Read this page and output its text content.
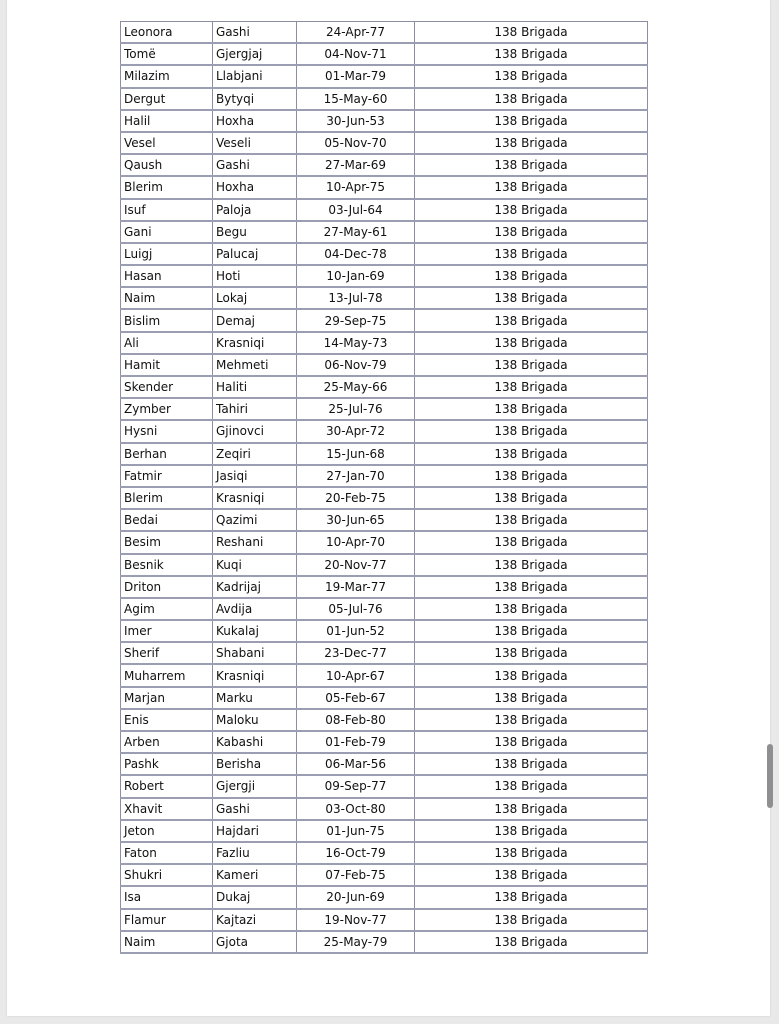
Leonora	Gashi	24-Apr-77	138 Brigada
Tomë	Gjergjaj	04-Nov-71	138 Brigada
Milazim	Llabjani	01-Mar-79	138 Brigada
Dergut	Bytyqi	15-May-60	138 Brigada
Halil	Hoxha	30-Jun-53	138 Brigada
Vesel	Veseli	05-Nov-70	138 Brigada
Qaush	Gashi	27-Mar-69	138 Brigada
Blerim	Hoxha	10-Apr-75	138 Brigada
Isuf	Paloja	03-Jul-64	138 Brigada
Gani	Begu	27-May-61	138 Brigada
Luigj	Palucaj	04-Dec-78	138 Brigada
Hasan	Hoti	10-Jan-69	138 Brigada
Naim	Lokaj	13-Jul-78	138 Brigada
Bislim	Demaj	29-Sep-75	138 Brigada
Ali	Krasniqi	14-May-73	138 Brigada
Hamit	Mehmeti	06-Nov-79	138 Brigada
Skender	Haliti	25-May-66	138 Brigada
Zymber	Tahiri	25-Jul-76	138 Brigada
Hysni	Gjinovci	30-Apr-72	138 Brigada
Berhan	Zeqiri	15-Jun-68	138 Brigada
Fatmir	Jasiqi	27-Jan-70	138 Brigada
Blerim	Krasniqi	20-Feb-75	138 Brigada
Bedai	Qazimi	30-Jun-65	138 Brigada
Besim	Reshani	10-Apr-70	138 Brigada
Besnik	Kuqi	20-Nov-77	138 Brigada
Driton	Kadrijaj	19-Mar-77	138 Brigada
Agim	Avdija	05-Jul-76	138 Brigada
Imer	Kukalaj	01-Jun-52	138 Brigada
Sherif	Shabani	23-Dec-77	138 Brigada
Muharrem	Krasniqi	10-Apr-67	138 Brigada
Marjan	Marku	05-Feb-67	138 Brigada
Enis	Maloku	08-Feb-80	138 Brigada
Arben	Kabashi	01-Feb-79	138 Brigada
Pashk	Berisha	06-Mar-56	138 Brigada
Robert	Gjergji	09-Sep-77	138 Brigada
Xhavit	Gashi	03-Oct-80	138 Brigada
Jeton	Hajdari	01-Jun-75	138 Brigada
Faton	Fazliu	16-Oct-79	138 Brigada
Shukri	Kameri	07-Feb-75	138 Brigada
Isa	Dukaj	20-Jun-69	138 Brigada
Flamur	Kajtazi	19-Nov-77	138 Brigada
Naim	Gjota	25-May-79	138 Brigada
